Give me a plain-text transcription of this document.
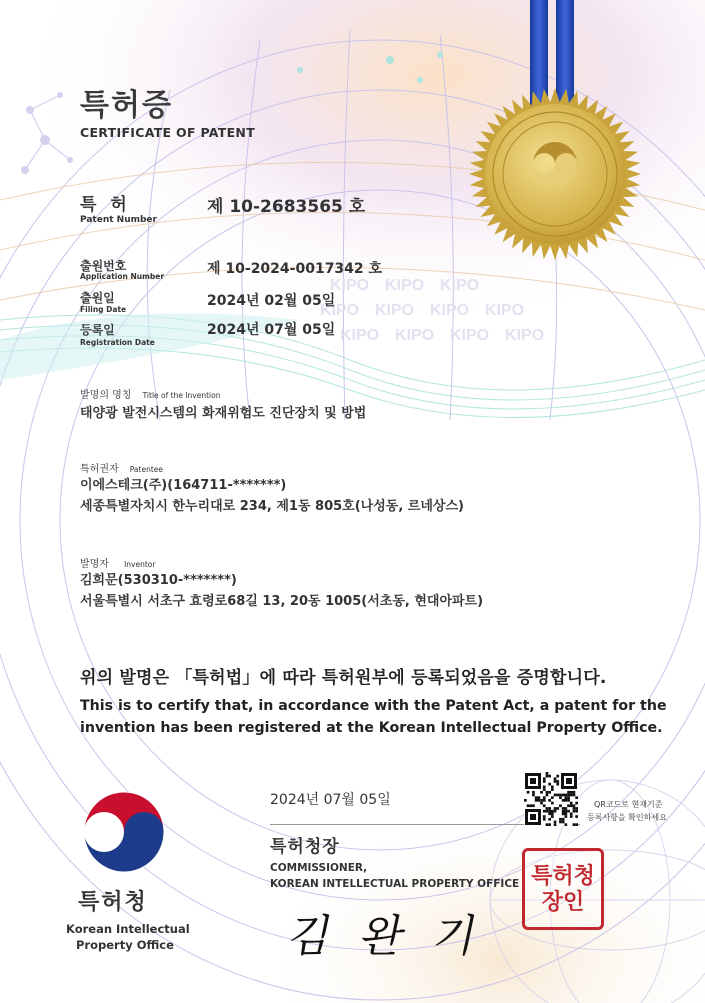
KIPO KIPO KIPO
KIPO KIPO KIPO KIPO
KIPO KIPO KIPO KIPO
특허증
CERTIFICATE OF PATENT
특 허
Patent Number
제 10-2683565 호
출원번호
Application Number	제 10-2024-0017342 호
출원일
Filing Date
2024년 02월 05일
등록일
Registration Date
2024년 07월 05일
발명의 명칭 Title of the Invention
태양광 발전시스템의 화재위험도 진단장치 및 방법
특허권자 Patentee
이에스테크(주)(164711-*******)
세종특별자치시 한누리대로 234, 제1동 805호(나성동, 르네상스)
발명자 Inventor
김희문(530310-*******)
서울특별시 서초구 효령로68길 13, 20동 1005(서초동, 현대아파트)
위의 발명은 「특허법」에 따라 특허원부에 등록되었음을 증명합니다.
This is to certify that, in accordance with the Patent Act, a patent for the
invention has been registered at the Korean Intellectual Property Office.
2024년 07월 05일
특허청장
COMMISSIONER,
KOREAN INTELLECTUAL PROPERTY OFFICE
김 완 기
QR코드로 현재기준
등록사항을 확인하세요
특허청장인
특허청
Korean Intellectual
Property Office
